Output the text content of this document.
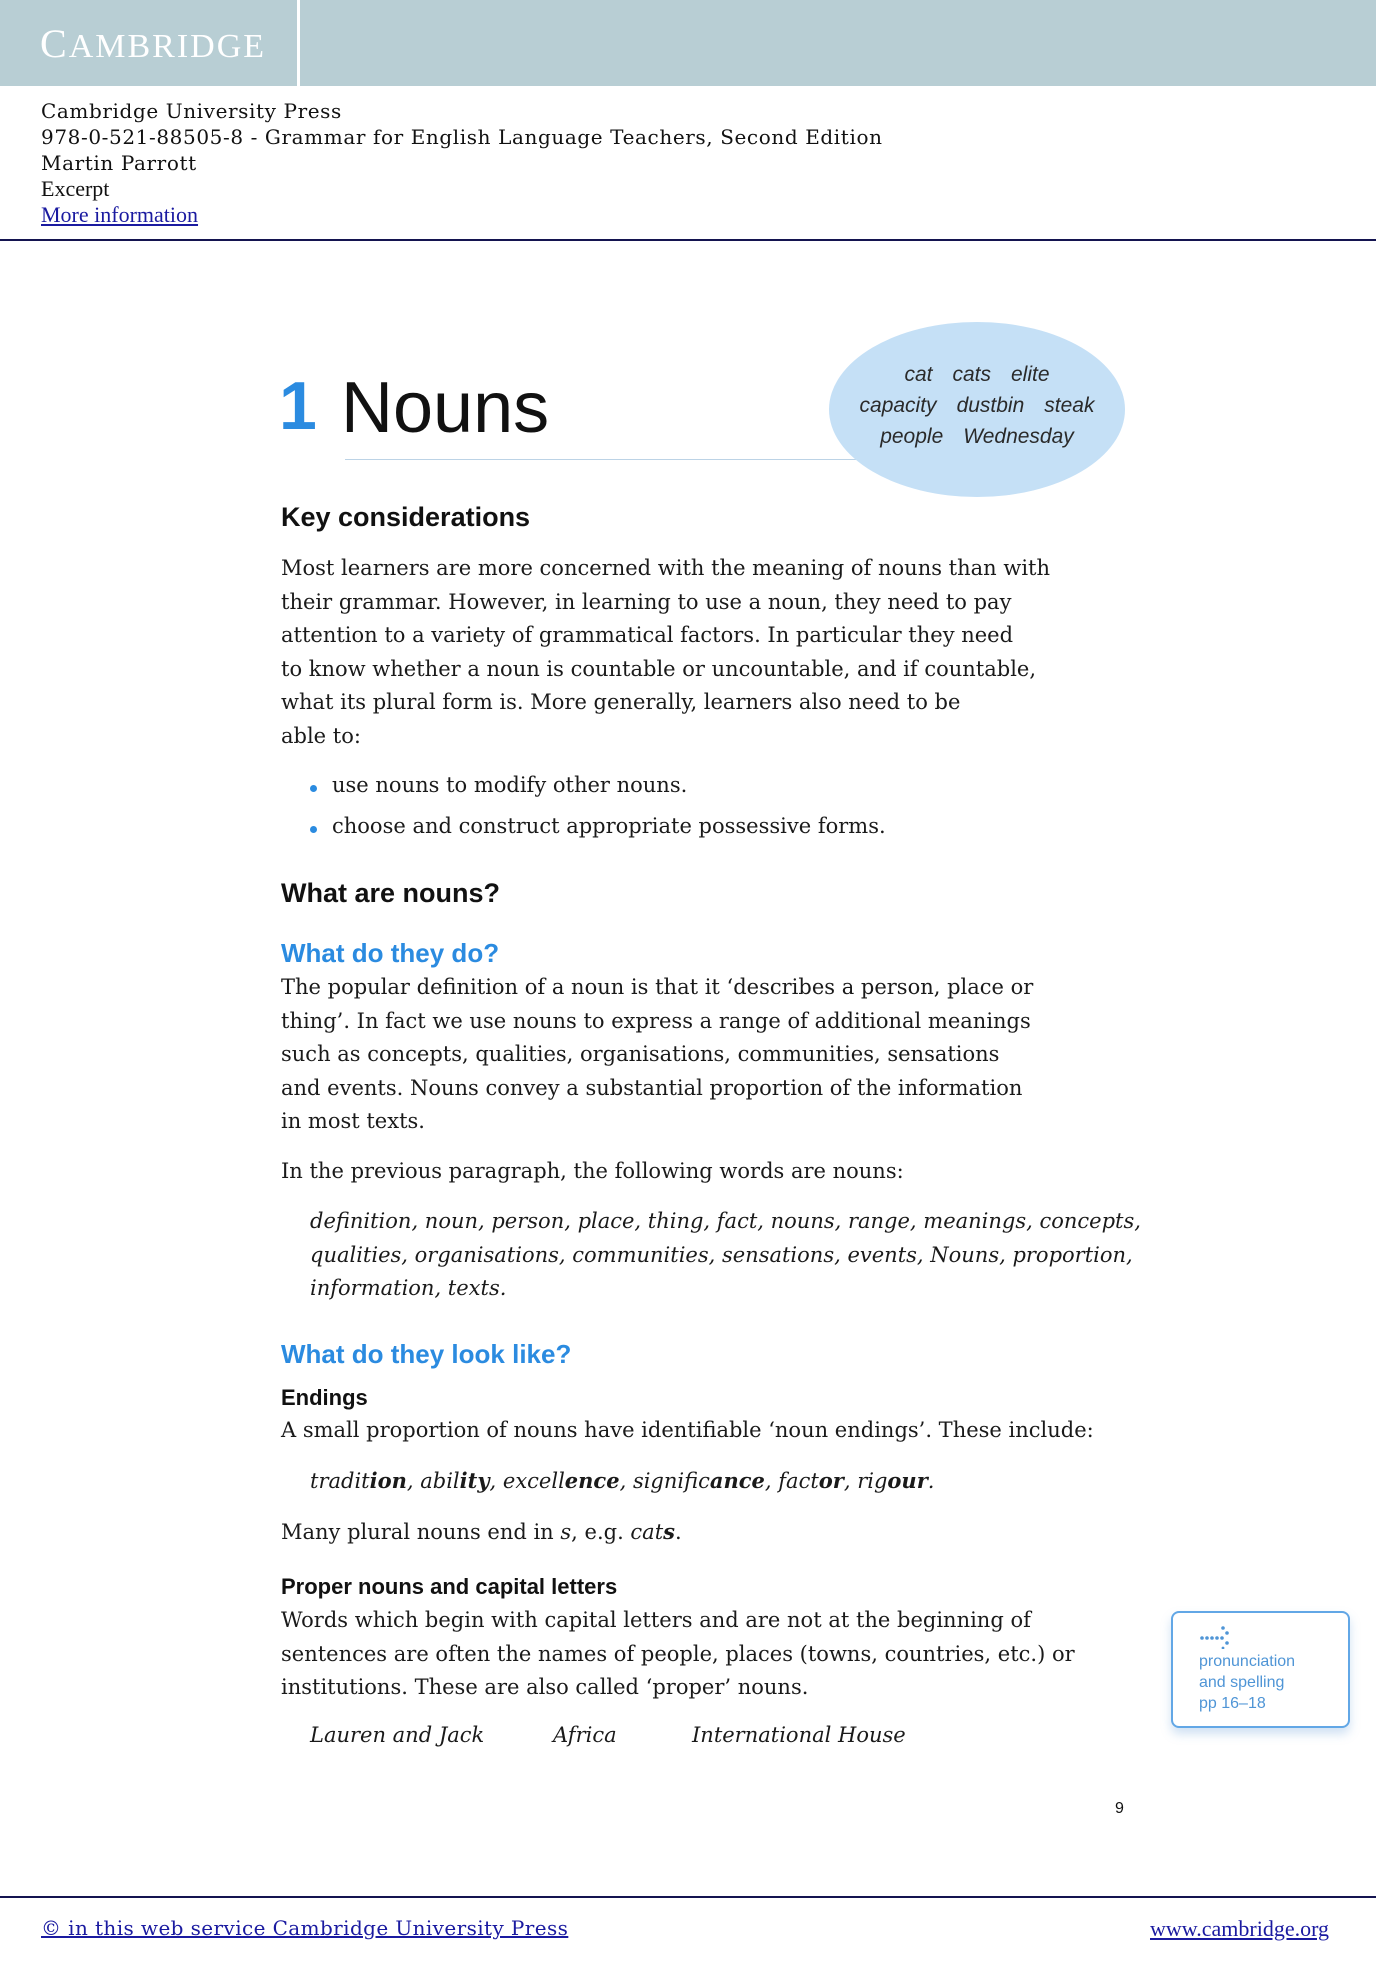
CAMBRIDGE
Cambridge University Press
978-0-521-88505-8 - Grammar for English Language Teachers, Second Edition
Martin Parrott
Excerpt
More information
1 Nouns	cat cats elite
capacity dustbin steak
people Wednesday
Key considerations
Most learners are more concerned with the meaning of nouns than with
their grammar. However, in learning to use a noun, they need to pay
attention to a variety of grammatical factors. In particular they need
to know whether a noun is countable or uncountable, and if countable,
what its plural form is. More generally, learners also need to be
able to:
use nouns to modify other nouns.
choose and construct appropriate possessive forms.
What are nouns?
What do they do?
The popular definition of a noun is that it ‘describes a person, place or
thing’. In fact we use nouns to express a range of additional meanings
such as concepts, qualities, organisations, communities, sensations
and events. Nouns convey a substantial proportion of the information
in most texts.
In the previous paragraph, the following words are nouns:
definition, noun, person, place, thing, fact, nouns, range, meanings, concepts,
qualities, organisations, communities, sensations, events, Nouns, proportion,
information, texts.
What do they look like?
Endings
A small proportion of nouns have identifiable ‘noun endings’. These include:
tradition, ability, excellence, significance, factor, rigour.
Many plural nouns end in s, e.g. cats.
Proper nouns and capital letters
Words which begin with capital letters and are not at the beginning of
sentences are often the names of people, places (towns, countries, etc.) or
institutions. These are also called ‘proper’ nouns.
Lauren and Jack	Africa	International House
pronunciation
and spelling
pp 16–18
9
© in this web service Cambridge University Press	www.cambridge.org
